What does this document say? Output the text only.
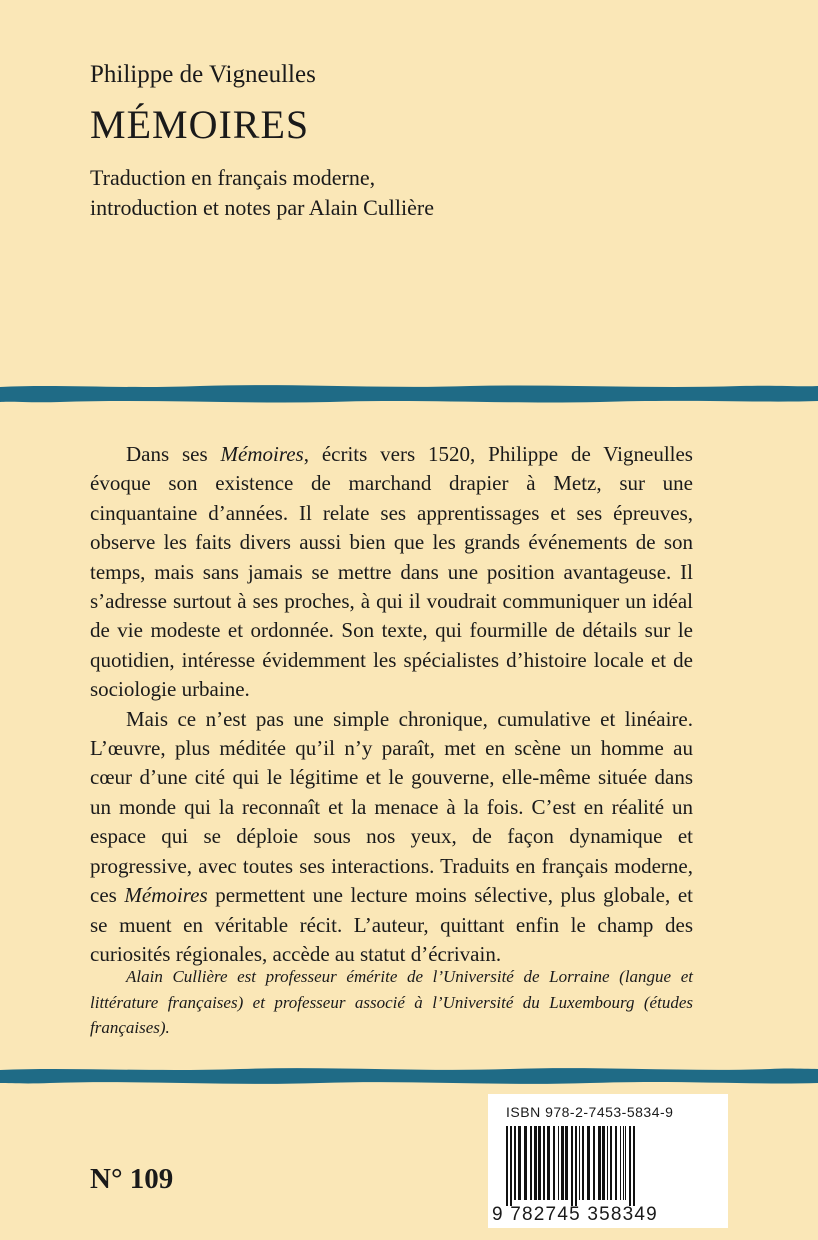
Philippe de Vigneulles

MÉMOIRES
Traduction en français moderne,
introduction et notes par Alain Cullière

Dans ses Mémoires, écrits vers 1520, Philippe de Vigneulles évoque son existence de marchand drapier à Metz, sur une cinquantaine d’années. Il relate ses apprentissages et ses épreuves, observe les faits divers aussi bien que les grands événements de son temps, mais sans jamais se mettre dans une position avantageuse. Il s’adresse surtout à ses proches, à qui il voudrait communiquer un idéal de vie modeste et ordonnée. Son texte, qui fourmille de détails sur le quotidien, intéresse évidemment les spécialistes d’histoire locale et de sociologie urbaine.

Mais ce n’est pas une simple chronique, cumulative et linéaire. L’œuvre, plus méditée qu’il n’y paraît, met en scène un homme au cœur d’une cité qui le légitime et le gouverne, elle-même située dans un monde qui la reconnaît et la menace à la fois. C’est en réalité un espace qui se déploie sous nos yeux, de façon dynamique et progressive, avec toutes ses interactions. Traduits en français moderne, ces Mémoires permettent une lecture moins sélective, plus globale, et se muent en véritable récit. L’auteur, quittant enfin le champ des curiosités régionales, accède au statut d’écrivain.

Alain Cullière est professeur émérite de l’Université de Lorraine (langue et littérature françaises) et professeur associé à l’Université du Luxembourg (études françaises).

N° 109
ISBN 978-2-7453-5834-9
9 782745 358349
